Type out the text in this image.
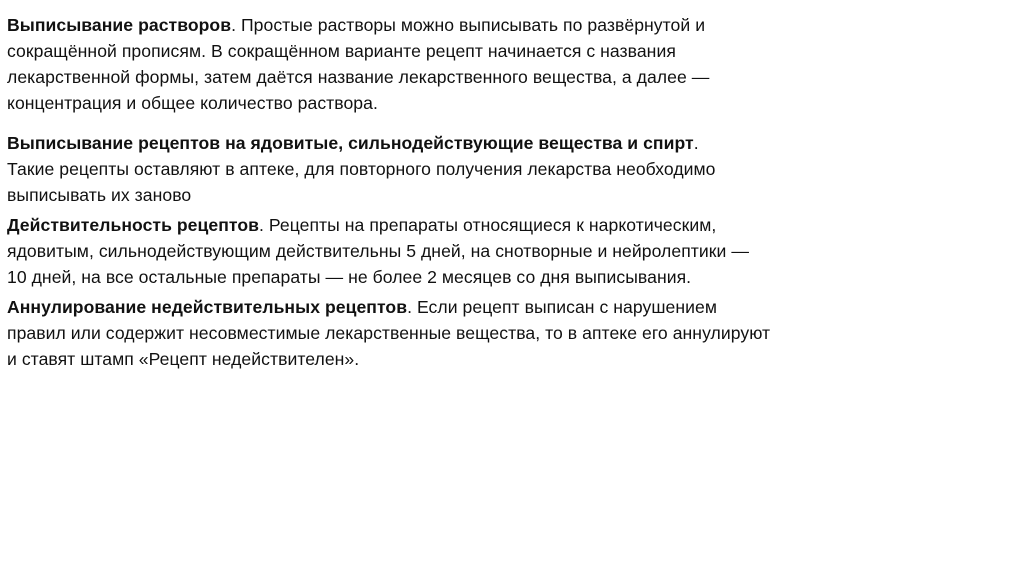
Выписывание растворов. Простые растворы можно выписывать по развёрнутой и сокращённой прописям. В сокращённом варианте рецепт начинается с названия лекарственной формы, затем даётся название лекарственного вещества, а далее — концентрация и общее количество раствора.

Выписывание рецептов на ядовитые, сильнодействующие вещества и спирт. Такие рецепты оставляют в аптеке, для повторного получения лекарства необходимо выписывать их заново

Действительность рецептов. Рецепты на препараты относящиеся к наркотическим, ядовитым, сильнодействующим действительны 5 дней, на снотворные и нейролептики — 10 дней, на все остальные препараты — не более 2 месяцев со дня выписывания.

Аннулирование недействительных рецептов. Если рецепт выписан с нарушением правил или содержит несовместимые лекарственные вещества, то в аптеке его аннулируют и ставят штамп «Рецепт недействителен».
